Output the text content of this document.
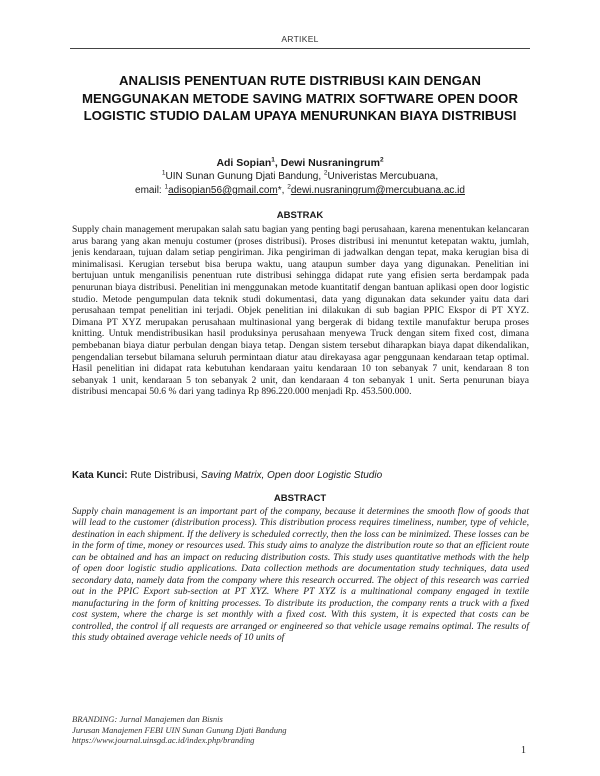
ARTIKEL
ANALISIS PENENTUAN RUTE DISTRIBUSI KAIN DENGAN MENGGUNAKAN METODE SAVING MATRIX SOFTWARE OPEN DOOR LOGISTIC STUDIO DALAM UPAYA MENURUNKAN BIAYA DISTRIBUSI
Adi Sopian$^1$, Dewi Nusraningrum$^2$
$^1$UIN Sunan Gunung Djati Bandung, $^2$Univeristas Mercubuana,
email: $^1$adisopian56@gmail.com*, $^2$dewi.nusraningrum@mercubuana.ac.id
ABSTRAK

Supply chain management merupakan salah satu bagian yang penting bagi perusahaan, karena menentukan kelancaran arus barang yang akan menuju costumer (proses distribusi). Proses distribusi ini menuntut ketepatan waktu, jumlah, jenis kendaraan, tujuan dalam setiap pengiriman. Jika pengiriman di jadwalkan dengan tepat, maka kerugian bisa di minimalisasi. Kerugian tersebut bisa berupa waktu, uang ataupun sumber daya yang digunakan. Penelitian ini bertujuan untuk menganilisis penentuan rute distribusi sehingga didapat rute yang efisien serta berdampak pada penurunan biaya distribusi. Penelitian ini menggunakan metode kuantitatif dengan bantuan aplikasi open door logistic studio. Metode pengumpulan data teknik studi dokumentasi, data yang digunakan data sekunder yaitu data dari perusahaan tempat penelitian ini terjadi. Objek penelitian ini dilakukan di sub bagian PPIC Ekspor di PT XYZ. Dimana PT XYZ merupakan perusahaan multinasional yang bergerak di bidang textile manufaktur berupa proses knitting. Untuk mendistribusikan hasil produksinya perusahaan menyewa Truck dengan sitem fixed cost, dimana pembebanan biaya diatur perbulan dengan biaya tetap. Dengan sistem tersebut diharapkan biaya dapat dikendalikan, pengendalian tersebut bilamana seluruh permintaan diatur atau direkayasa agar penggunaan kendaraan tetap optimal. Hasil penelitian ini didapat rata kebutuhan kendaraan yaitu kendaraan 10 ton sebanyak 7 unit, kendaraan 8 ton sebanyak 1 unit, kendaraan 5 ton sebanyak 2 unit, dan kendaraan 4 ton sebanyak 1 unit. Serta penurunan biaya distribusi mencapai 50.6 % dari yang tadinya Rp 896.220.000 menjadi Rp. 453.500.000.

Kata Kunci: Rute Distribusi, Saving Matrix, Open door Logistic Studio
ABSTRACT

Supply chain management is an important part of the company, because it determines the smooth flow of goods that will lead to the customer (distribution process). This distribution process requires timeliness, number, type of vehicle, destination in each shipment. If the delivery is scheduled correctly, then the loss can be minimized. These losses can be in the form of time, money or resources used. This study aims to analyze the distribution route so that an efficient route can be obtained and has an impact on reducing distribution costs. This study uses quantitative methods with the help of open door logistic studio applications. Data collection methods are documentation study techniques, data used secondary data, namely data from the company where this research occurred. The object of this research was carried out in the PPIC Export sub-section at PT XYZ. Where PT XYZ is a multinational company engaged in textile manufacturing in the form of knitting processes. To distribute its production, the company rents a truck with a fixed cost system, where the charge is set monthly with a fixed cost. With this system, it is expected that costs can be controlled, the control if all requests are arranged or engineered so that vehicle usage remains optimal. The results of this study obtained average vehicle needs of 10 units of

BRANDING: Jurnal Manajemen dan Bisnis
Jurusan Manajemen FEBI UIN Sunan Gunung Djati Bandung
https://www.journal.uinsgd.ac.id/index.php/branding
1
